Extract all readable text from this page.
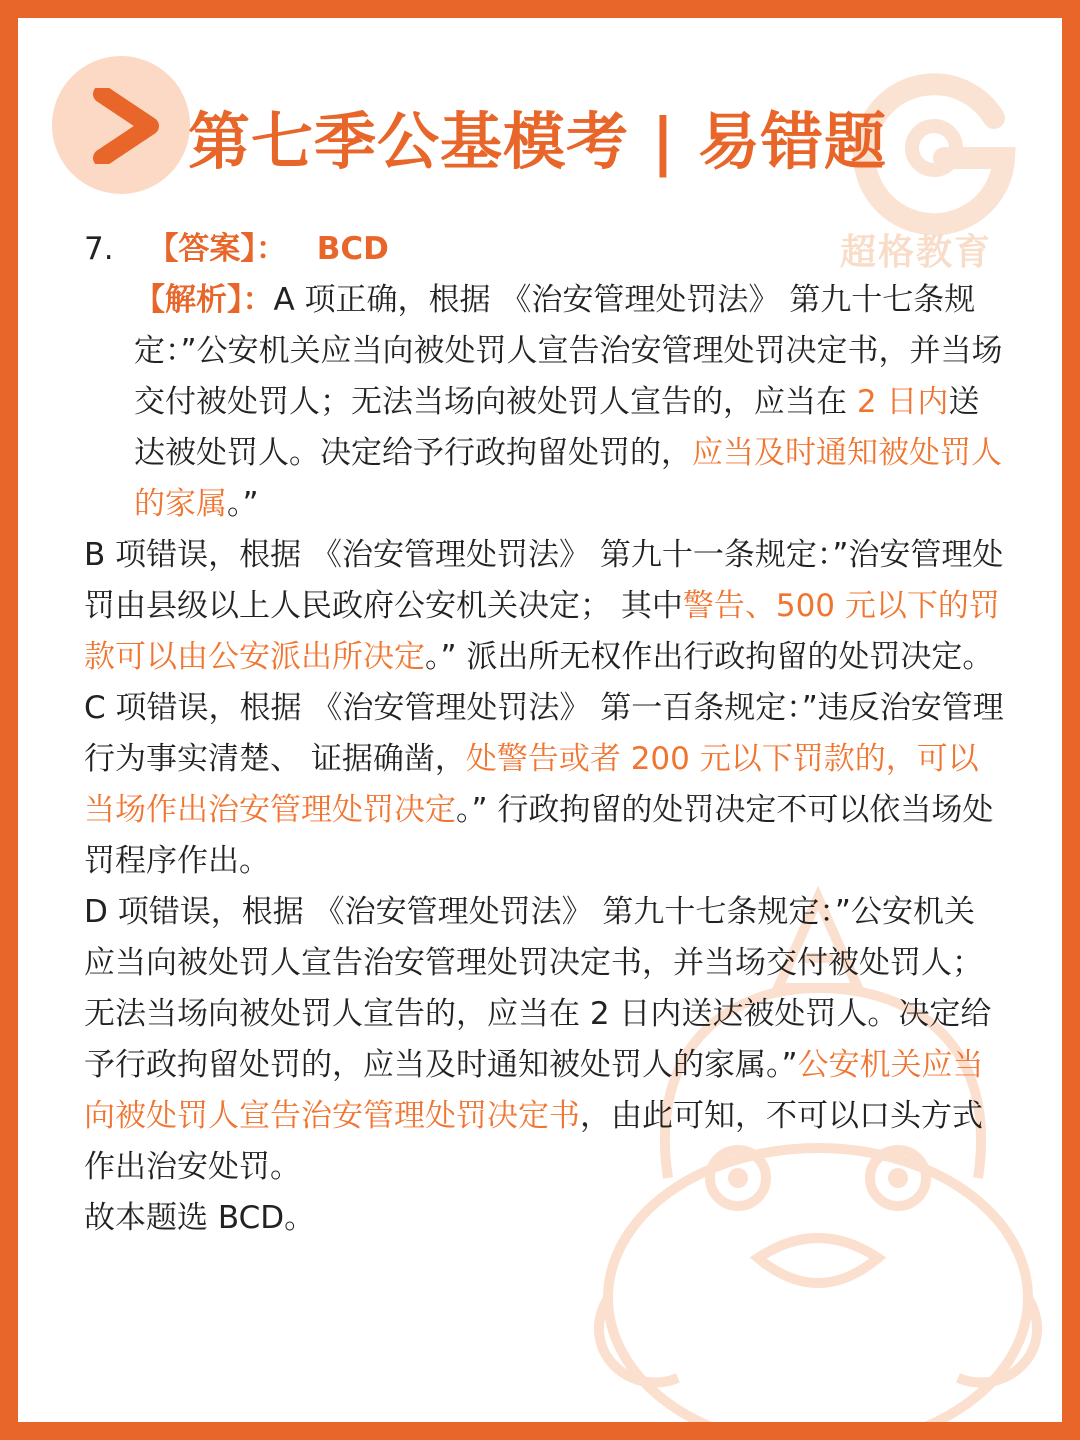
超格教育
第七季公基模考 | 易错题

7. 【答案】： BCD

【解析】：A 项正确，根据 《治安管理处罚法》 第九十七条规定：”公安机关应当向被处罚人宣告治安管理处罚决定书，并当场交付被处罚人；无法当场向被处罚人宣告的，应当在 2 日内送达被处罚人。决定给予行政拘留处罚的，应当及时通知被处罚人的家属。”

B 项错误，根据 《治安管理处罚法》 第九十一条规定：”治安管理处罚由县级以上人民政府公安机关决定； 其中警告、500 元以下的罚款可以由公安派出所决定。” 派出所无权作出行政拘留的处罚决定。

C 项错误，根据 《治安管理处罚法》 第一百条规定：”违反治安管理行为事实清楚、 证据确凿，处警告或者 200 元以下罚款的，可以当场作出治安管理处罚决定。” 行政拘留的处罚决定不可以依当场处罚程序作出。

D 项错误，根据 《治安管理处罚法》 第九十七条规定：”公安机关应当向被处罚人宣告治安管理处罚决定书，并当场交付被处罚人； 无法当场向被处罚人宣告的，应当在 2 日内送达被处罚人。决定给予行政拘留处罚的，应当及时通知被处罚人的家属。”公安机关应当向被处罚人宣告治安管理处罚决定书，由此可知，不可以口头方式作出治安处罚。

故本题选 BCD。
